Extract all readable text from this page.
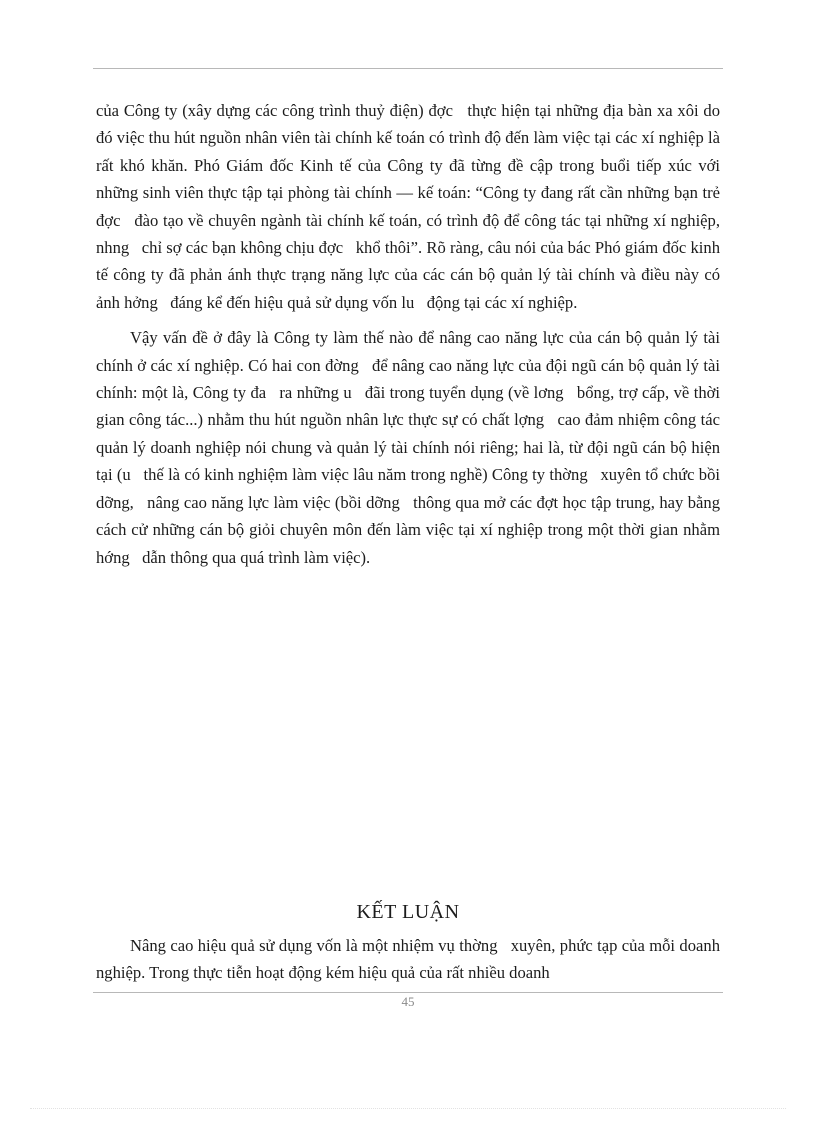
của Công ty (xây dựng các công trình thuỷ điện) đợc   thực hiện tại những địa bàn xa xôi do đó việc thu hút nguồn nhân viên tài chính kế toán có trình độ đến làm việc tại các xí nghiệp là rất khó khăn. Phó Giám đốc Kinh tế của Công ty đã từng đề cập trong buổi tiếp xúc với những sinh viên thực tập tại phòng tài chính — kế toán: “Công ty đang rất cần những bạn trẻ đợc   đào tạo về chuyên ngành tài chính kế toán, có trình độ để công tác tại những xí nghiệp, nhng   chỉ sợ các bạn không chịu đợc   khổ thôi”. Rõ ràng, câu nói của bác Phó giám đốc kinh tế công ty đã phản ánh thực trạng năng lực của các cán bộ quản lý tài chính và điều này có ảnh hởng   đáng kể đến hiệu quả sử dụng vốn lu   động tại các xí nghiệp.

Vậy vấn đề ở đây là Công ty làm thế nào để nâng cao năng lực của cán bộ quản lý tài chính ở các xí nghiệp. Có hai con đờng   để nâng cao năng lực của đội ngũ cán bộ quản lý tài chính: một là, Công ty đa   ra những u   đãi trong tuyển dụng (về lơng   bổng, trợ cấp, về thời gian công tác...) nhằm thu hút nguồn nhân lực thực sự có chất lợng   cao đảm nhiệm công tác quản lý doanh nghiệp nói chung và quản lý tài chính nói riêng; hai là, từ đội ngũ cán bộ hiện tại (u   thế là có kinh nghiệm làm việc lâu năm trong nghề) Công ty thờng   xuyên tổ chức bồi dỡng,   nâng cao năng lực làm việc (bồi dỡng   thông qua mở các đợt học tập trung, hay bằng cách cử những cán bộ giỏi chuyên môn đến làm việc tại xí nghiệp trong một thời gian nhằm hớng   dẫn thông qua quá trình làm việc).

KẾT LUẬN

Nâng cao hiệu quả sử dụng vốn là một nhiệm vụ thờng   xuyên, phức tạp của mỗi doanh nghiệp. Trong thực tiễn hoạt động kém hiệu quả của rất nhiều doanh

45
